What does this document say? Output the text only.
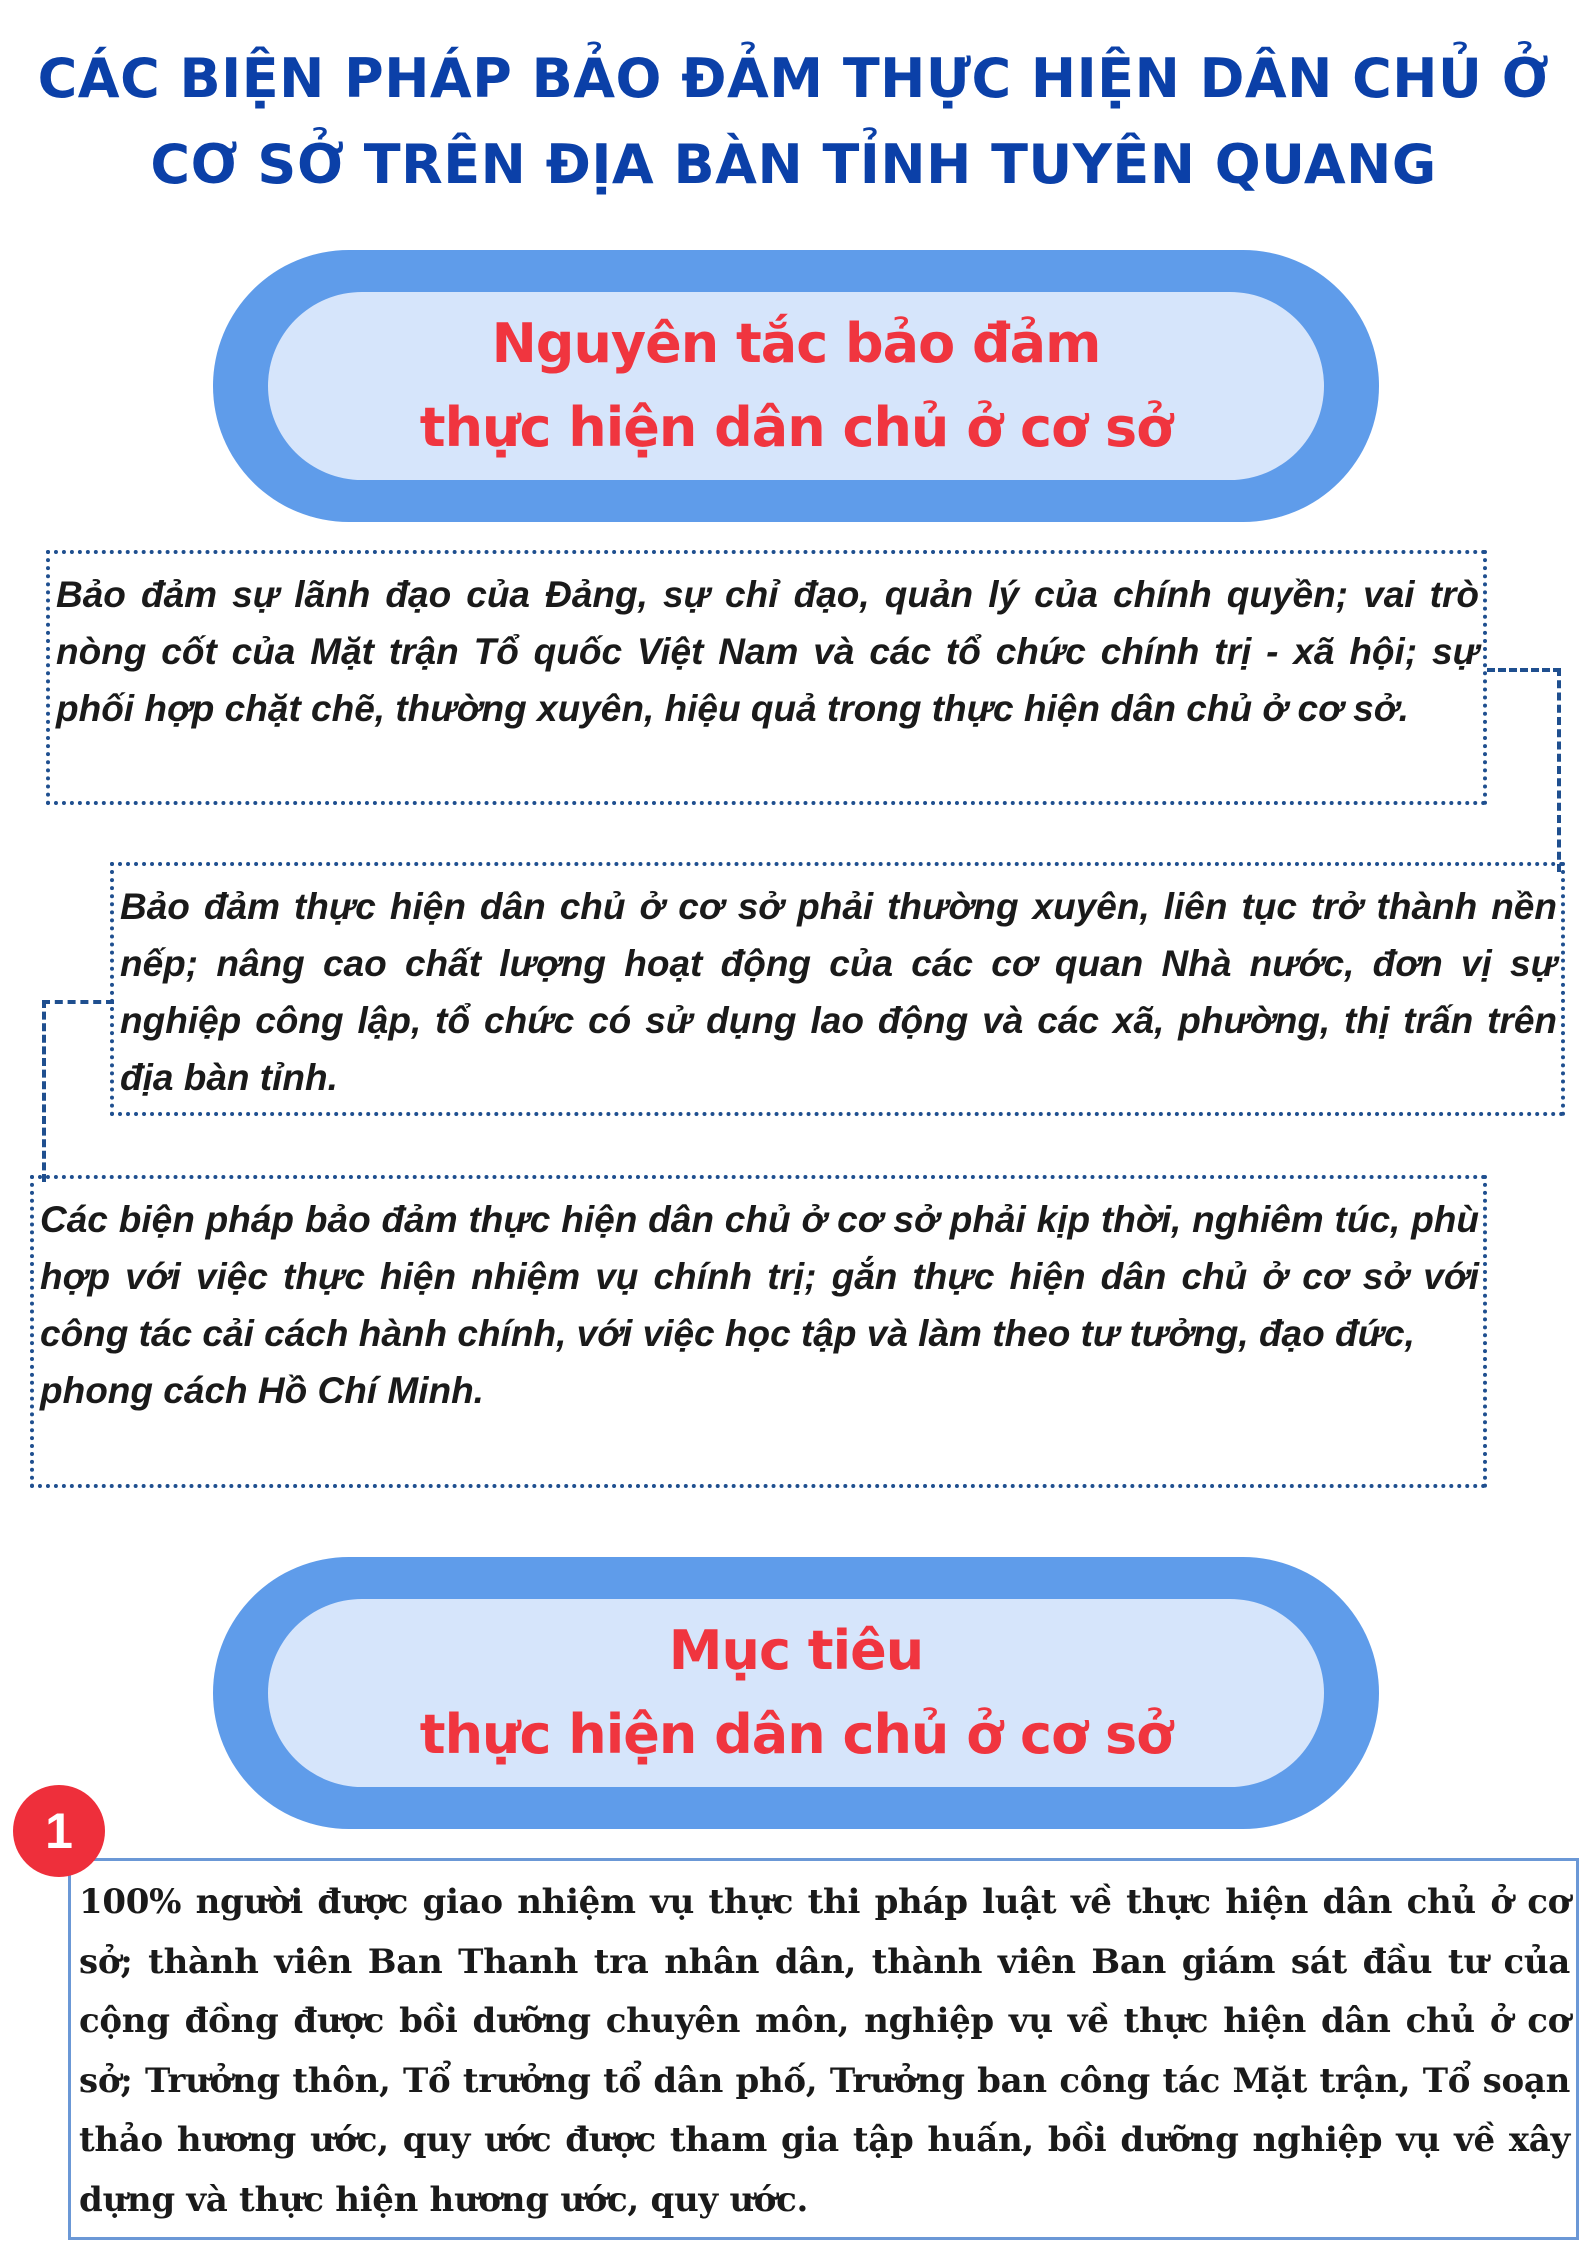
CÁC BIỆN PHÁP BẢO ĐẢM THỰC HIỆN DÂN CHỦ Ở
CƠ SỞ TRÊN ĐỊA BÀN TỈNH TUYÊN QUANG
Nguyên tắc bảo đảm
thực hiện dân chủ ở cơ sở

Bảo đảm sự lãnh đạo của Đảng, sự chỉ đạo, quản lý của chính quyền; vai trò nòng cốt của Mặt trận Tổ quốc Việt Nam và các tổ chức chính trị - xã hội; sự phối hợp chặt chẽ, thường xuyên, hiệu quả trong thực hiện dân chủ ở cơ sở.

Bảo đảm thực hiện dân chủ ở cơ sở phải thường xuyên, liên tục trở thành nền nếp; nâng cao chất lượng hoạt động của các cơ quan Nhà nước, đơn vị sự nghiệp công lập, tổ chức có sử dụng lao động và các xã, phường, thị trấn trên địa bàn tỉnh.

Các biện pháp bảo đảm thực hiện dân chủ ở cơ sở phải kịp thời, nghiêm túc, phù hợp với việc thực hiện nhiệm vụ chính trị; gắn thực hiện dân chủ ở cơ sở với công tác cải cách hành chính, với việc học tập và làm theo tư tưởng, đạo đức,

phong cách Hồ Chí Minh.

Mục tiêu
thực hiện dân chủ ở cơ sở

100% người được giao nhiệm vụ thực thi pháp luật về thực hiện dân chủ ở cơ sở; thành viên Ban Thanh tra nhân dân, thành viên Ban giám sát đầu tư của cộng đồng được bồi dưỡng chuyên môn, nghiệp vụ về thực hiện dân chủ ở cơ sở; Trưởng thôn, Tổ trưởng tổ dân phố, Trưởng ban công tác Mặt trận, Tổ soạn thảo hương ước, quy ước được tham gia tập huấn, bồi dưỡng nghiệp vụ về xây dựng và thực hiện hương ước, quy ước.

1
